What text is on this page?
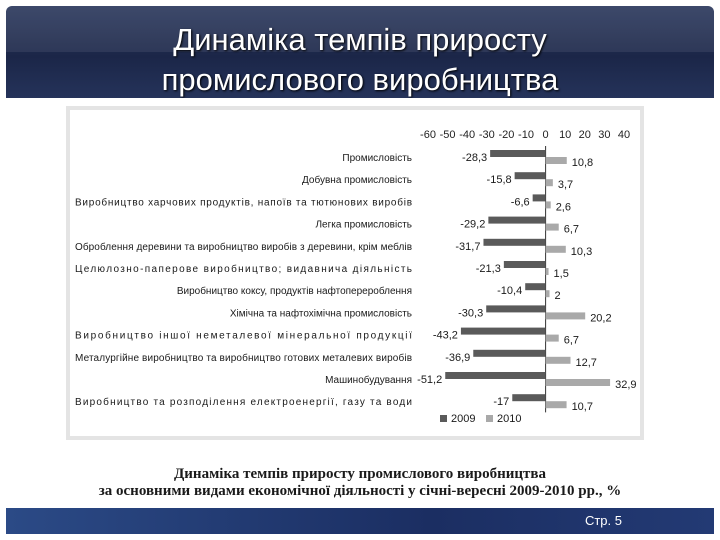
Динаміка темпів приросту
промислового виробництва
-60 -50 -40 -30 -20 -10 0 10 20 30 40
Промисловість	-28,3	10,8
Добувна промисловість	-15,8	3,7
Виробництво харчових продуктів, напоїв та тютюнових виробів	-6,6 2,6
Легка промисловість	-29,2	6,7
Оброблення деревини та виробництво виробів з деревини, крім меблів	-31,7	10,3
Целюлозно-паперове виробництво; видавнича діяльність	-21,3	1,5
Виробництво коксу, продуктів нафтоперероблення	-10,4	2
Хімічна та нафтохімічна промисловість	-30,3	20,2
Виробництво іншої неметалевої мінеральної продукції -43,2	6,7
Металургійне виробництво та виробництво готових металевих виробів	-36,9	12,7
Машинобудування -51,2	32,9
Виробництво та розподілення електроенергії, газу та води	-17	10,7
2009 2010
Динаміка темпів приросту промислового виробництва
за основними видами економічної діяльності у січні-вересні 2009-2010 рр., %
Стр. 5
